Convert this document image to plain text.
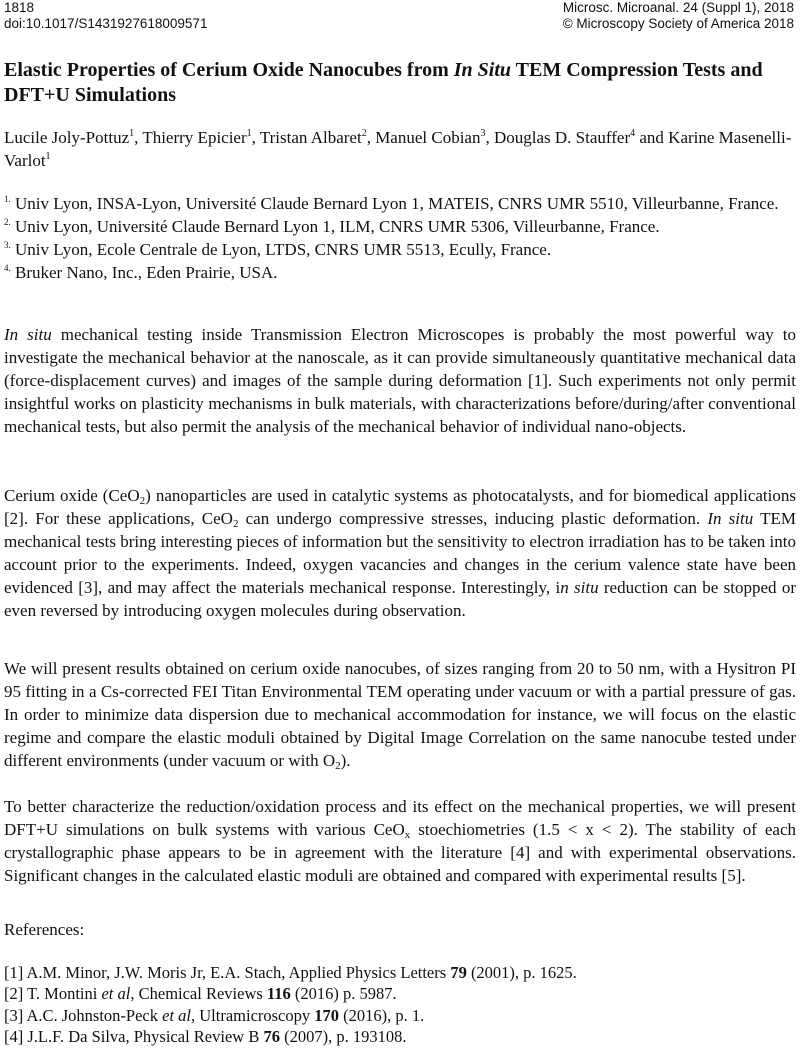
1818
doi:10.1017/S1431927618009571
Microsc. Microanal. 24 (Suppl 1), 2018
© Microscopy Society of America 2018
Elastic Properties of Cerium Oxide Nanocubes from In Situ TEM Compression Tests and DFT+U Simulations
Lucile Joly-Pottuz$^1$, Thierry Epicier$^1$, Tristan Albaret$^2$, Manuel Cobian$^3$, Douglas D. Stauffer$^4$ and Karine Masenelli-Varlot$^1$
$^{1.}$ Univ Lyon, INSA-Lyon, Université Claude Bernard Lyon 1, MATEIS, CNRS UMR 5510, Villeurbanne, France.
$^{2.}$ Univ Lyon, Université Claude Bernard Lyon 1, ILM, CNRS UMR 5306, Villeurbanne, France.
$^{3.}$ Univ Lyon, Ecole Centrale de Lyon, LTDS, CNRS UMR 5513, Ecully, France.
$^{4.}$ Bruker Nano, Inc., Eden Prairie, USA.

In situ mechanical testing inside Transmission Electron Microscopes is probably the most powerful way to investigate the mechanical behavior at the nanoscale, as it can provide simultaneously quantitative mechanical data (force-displacement curves) and images of the sample during deformation [1]. Such experiments not only permit insightful works on plasticity mechanisms in bulk materials, with characterizations before/during/after conventional mechanical tests, but also permit the analysis of the mechanical behavior of individual nano-objects.

Cerium oxide (CeO$_2$) nanoparticles are used in catalytic systems as photocatalysts, and for biomedical applications [2]. For these applications, CeO$_2$ can undergo compressive stresses, inducing plastic deformation. In situ TEM mechanical tests bring interesting pieces of information but the sensitivity to electron irradiation has to be taken into account prior to the experiments. Indeed, oxygen vacancies and changes in the cerium valence state have been evidenced [3], and may affect the materials mechanical response. Interestingly, in situ reduction can be stopped or even reversed by introducing oxygen molecules during observation.

We will present results obtained on cerium oxide nanocubes, of sizes ranging from 20 to 50 nm, with a Hysitron PI 95 fitting in a Cs-corrected FEI Titan Environmental TEM operating under vacuum or with a partial pressure of gas. In order to minimize data dispersion due to mechanical accommodation for instance, we will focus on the elastic regime and compare the elastic moduli obtained by Digital Image Correlation on the same nanocube tested under different environments (under vacuum or with $O_2$).

To better characterize the reduction/oxidation process and its effect on the mechanical properties, we will present DFT+U simulations on bulk systems with various CeO$_x$ stoechiometries (1.5 < x < 2). The stability of each crystallographic phase appears to be in agreement with the literature [4] and with experimental observations. Significant changes in the calculated elastic moduli are obtained and compared with experimental results [5].

References:
[1] A.M. Minor, J.W. Moris Jr, E.A. Stach, Applied Physics Letters 79 (2001), p. 1625.
[2] T. Montini et al, Chemical Reviews 116 (2016) p. 5987.
[3] A.C. Johnston-Peck et al, Ultramicroscopy 170 (2016), p. 1.
[4] J.L.F. Da Silva, Physical Review B 76 (2007), p. 193108.
